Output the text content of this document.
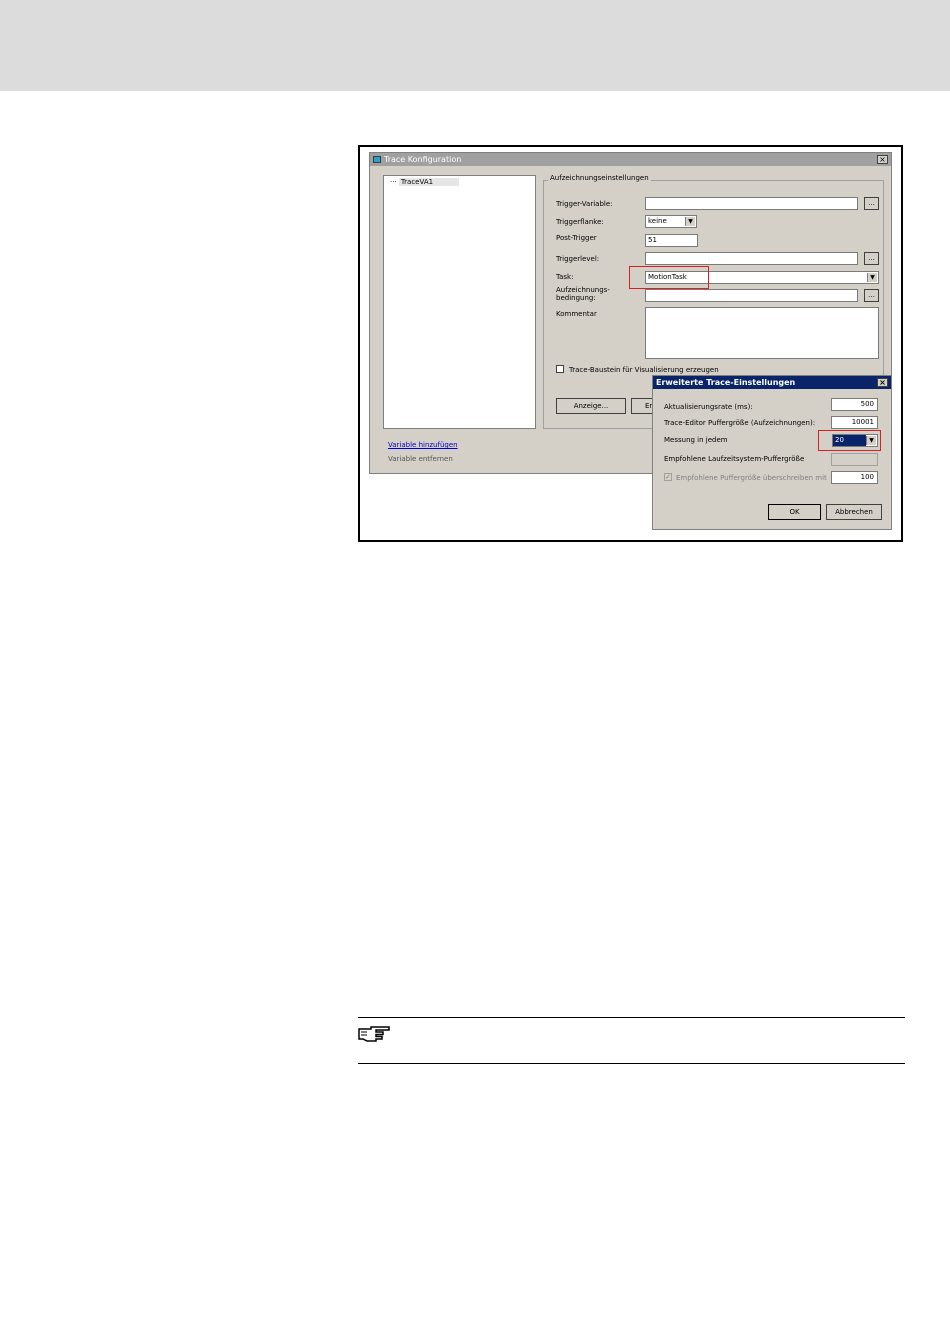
Trace Konfiguration	×
··· TraceVA1
Variable hinzufügen
Variable entfernen
Aufzeichnungseinstellungen
Trigger-Variable:	...
Triggerflanke:	keine	▼
Post-Trigger	51
Triggerlevel:	...
Task:	MotionTask	▼
Aufzeichnungs-
bedingung:	...
Kommentar
Trace-Baustein für Visualisierung erzeugen
Anzeige...	Er
Erweiterte Trace-Einstellungen	×
Aktualisierungsrate (ms):	500
Trace-Editor Puffergröße (Aufzeichnungen):	10001
Messung in jedem	20	▼
Empfohlene Laufzeitsystem-Puffergröße
✓ Empfohlene Puffergröße überschreiben mit	100
OK	Abbrechen
